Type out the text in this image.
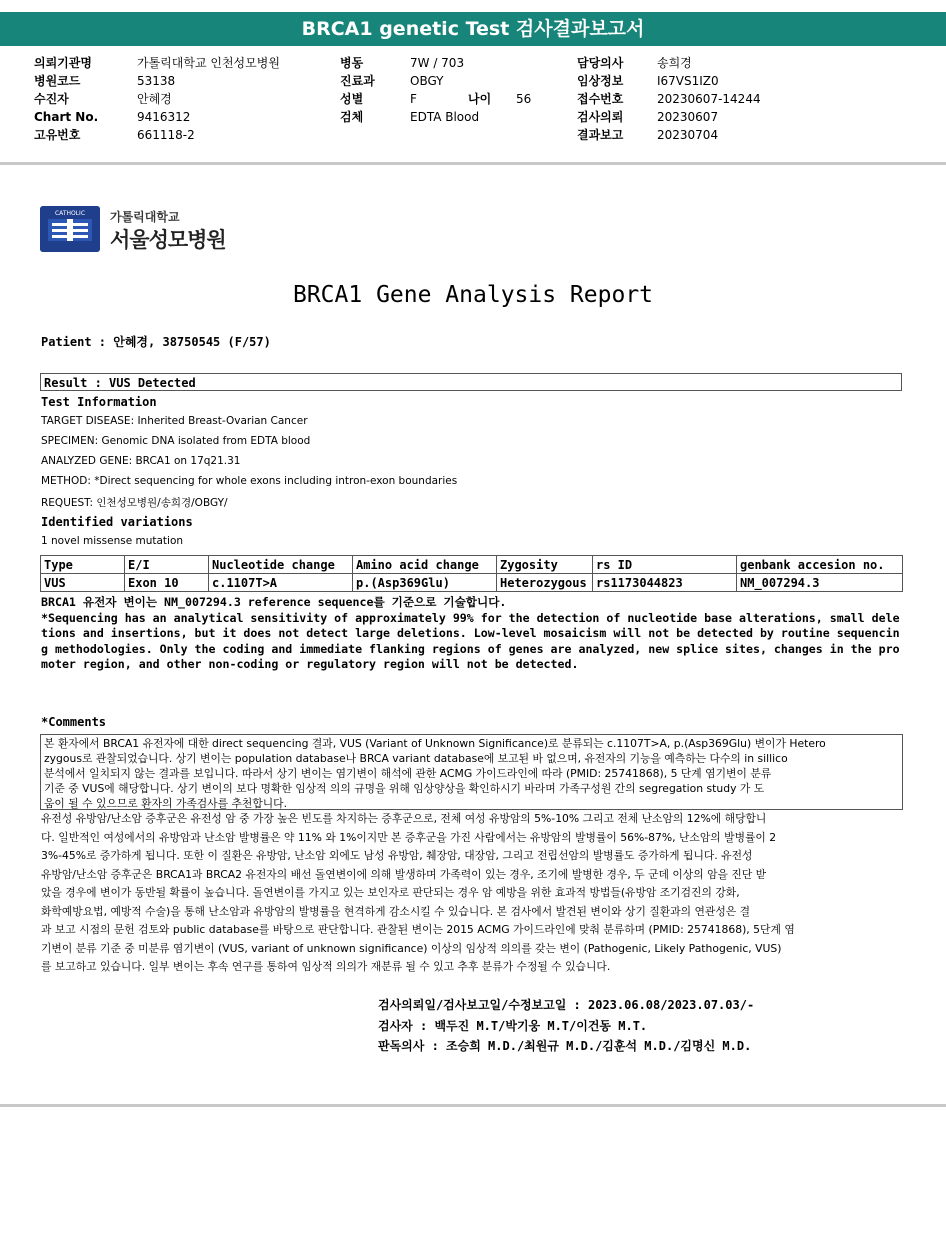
BRCA1 genetic Test 검사결과보고서
의뢰기관명	가톨릭대학교 인천성모병원
병원코드	53138
수진자	안혜경
Chart No.	9416312
고유번호	661118-2
병동	7W / 703
진료과	OBGY
성별	F	나이 56
검체	EDTA Blood
담당의사	송희경
임상정보	I67VS1IZ0
접수번호	20230607-14244
검사의뢰	20230607
결과보고	20230704
CATHOLIC 가톨릭대학교
서울성모병원
BRCA1 Gene Analysis Report
Patient : 안혜경, 38750545 (F/57)
Result : VUS Detected
Test Information
TARGET DISEASE: Inherited Breast-Ovarian Cancer
SPECIMEN: Genomic DNA isolated from EDTA blood
ANALYZED GENE: BRCA1 on 17q21.31
METHOD: *Direct sequencing for whole exons including intron-exon boundaries
REQUEST: 인천성모병원/송희경/OBGY/
Identified variations
1 novel missense mutation
Type	E/I	Nucleotide change	Amino acid change	Zygosity	rs ID	genbank accesion no.
VUS	Exon 10	c.1107T>A	p.(Asp369Glu)	Heterozygous	rs1173044823	NM_007294.3
BRCA1 유전자 변이는 NM_007294.3 reference sequence를 기준으로 기술합니다.
*Sequencing has an analytical sensitivity of approximately 99% for the detection of nucleotide base alterations, small dele
tions and insertions, but it does not detect large deletions. Low-level mosaicism will not be detected by routine sequencin
g methodologies. Only the coding and immediate flanking regions of genes are analyzed, new splice sites, changes in the pro
moter region, and other non-coding or regulatory region will not be detected.
*Comments
본 환자에서 BRCA1 유전자에 대한 direct sequencing 결과, VUS (Variant of Unknown Significance)로 분류되는 c.1107T>A, p.(Asp369Glu) 변이가 Hetero
zygous로 관찰되었습니다. 상기 변이는 population database나 BRCA variant database에 보고된 바 없으며, 유전자의 기능을 예측하는 다수의 in sillico
분석에서 일치되지 않는 결과를 보입니다. 따라서 상기 변이는 염기변이 해석에 관한 ACMG 가이드라인에 따라 (PMID: 25741868), 5 단계 염기변이 분류
기준 중 VUS에 해당합니다. 상기 변이의 보다 명확한 임상적 의의 규명을 위해 임상양상을 확인하시기 바라며 가족구성원 간의 segregation study 가 도
움이 될 수 있으므로 환자의 가족검사를 추천합니다.
유전성 유방암/난소암 증후군은 유전성 암 중 가장 높은 빈도를 차지하는 증후군으로, 전체 여성 유방암의 5%-10% 그리고 전체 난소암의 12%에 해당합니
다. 일반적인 여성에서의 유방암과 난소암 발병률은 약 11% 와 1%이지만 본 증후군을 가진 사람에서는 유방암의 발병률이 56%-87%, 난소암의 발병률이 2
3%-45%로 증가하게 됩니다. 또한 이 질환은 유방암, 난소암 외에도 남성 유방암, 췌장암, 대장암, 그리고 전립선암의 발병률도 증가하게 됩니다. 유전성
유방암/난소암 증후군은 BRCA1과 BRCA2 유전자의 배선 돌연변이에 의해 발생하며 가족력이 있는 경우, 조기에 발병한 경우, 두 군데 이상의 암을 진단 받
았을 경우에 변이가 동반될 확률이 높습니다. 돌연변이를 가지고 있는 보인자로 판단되는 경우 암 예방을 위한 효과적 방법들(유방암 조기검진의 강화,
화학예방요법, 예방적 수술)을 통해 난소암과 유방암의 발병률을 현격하게 감소시킬 수 있습니다. 본 검사에서 발견된 변이와 상기 질환과의 연관성은 결
과 보고 시점의 문헌 검토와 public database를 바탕으로 판단합니다. 관찰된 변이는 2015 ACMG 가이드라인에 맞춰 분류하며 (PMID: 25741868), 5단계 염
기변이 분류 기준 중 미분류 염기변이 (VUS, variant of unknown significance) 이상의 임상적 의의를 갖는 변이 (Pathogenic, Likely Pathogenic, VUS)
를 보고하고 있습니다. 일부 변이는 후속 연구를 통하여 임상적 의의가 재분류 될 수 있고 추후 분류가 수정될 수 있습니다.
검사의뢰일/검사보고일/수정보고일 : 2023.06.08/2023.07.03/-
검사자 : 백두진 M.T/박기웅 M.T/이건동 M.T.
판독의사 : 조승희 M.D./최원규 M.D./김훈석 M.D./김명신 M.D.
